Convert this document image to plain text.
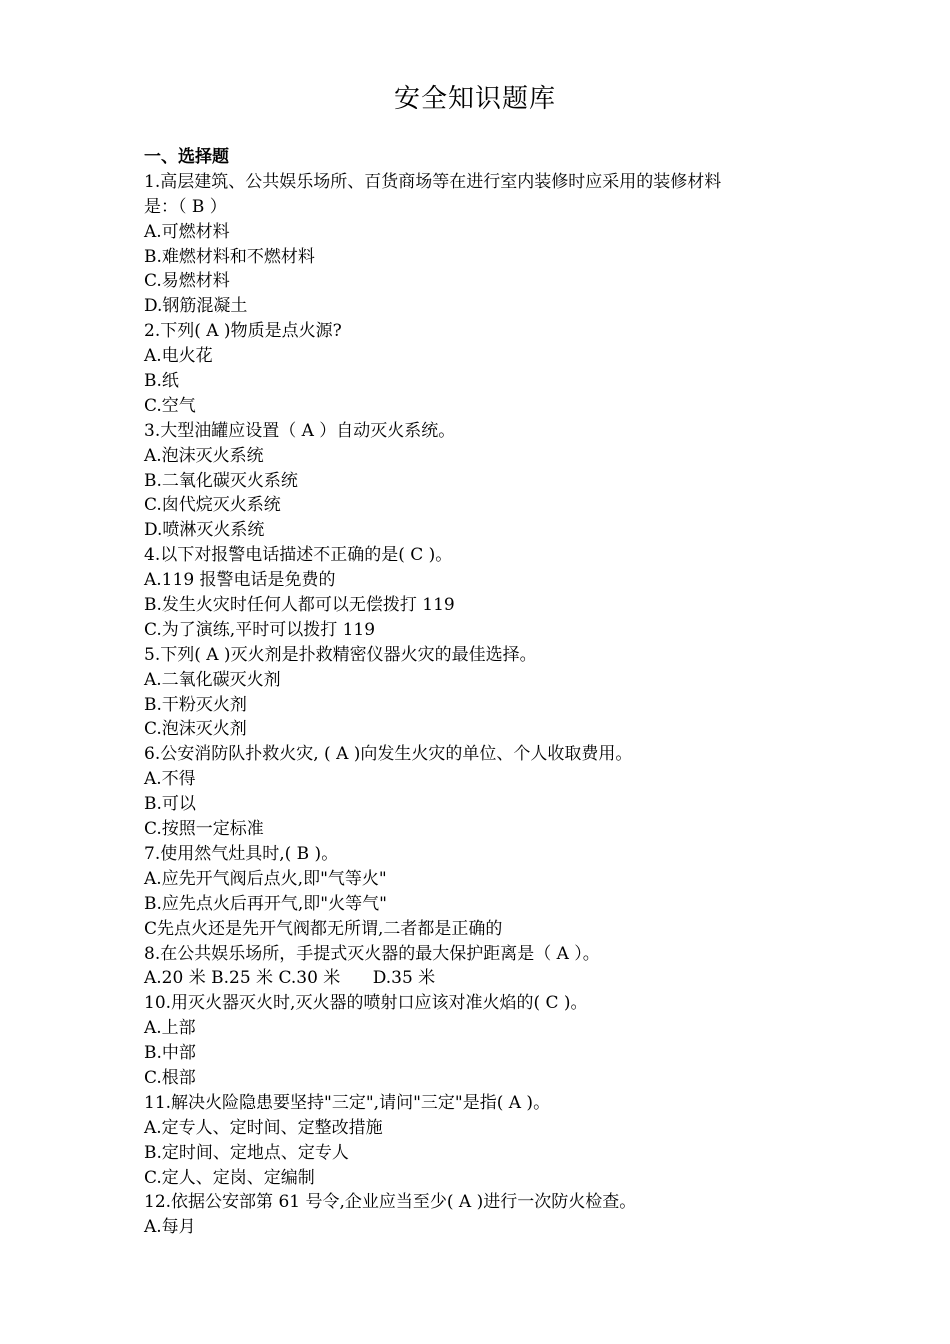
安全知识题库
一、选择题
1.高层建筑、公共娱乐场所、百货商场等在进行室内装修时应采用的装修材料
是：（ B ）
A.可燃材料
B.难燃材料和不燃材料
C.易燃材料
D.钢筋混凝土
2.下列( A )物质是点火源?
A.电火花
B.纸
C.空气
3.大型油罐应设置（ A ）自动灭火系统。
A.泡沫灭火系统
B.二氧化碳灭火系统
C.囱代烷灭火系统
D.喷淋灭火系统
4.以下对报警电话描述不正确的是( C )。
A.119 报警电话是免费的
B.发生火灾时任何人都可以无偿拨打 119
C.为了演练,平时可以拨打 119
5.下列( A )灭火剂是扑救精密仪器火灾的最佳选择。
A.二氧化碳灭火剂
B.干粉灭火剂
C.泡沫灭火剂
6.公安消防队扑救火灾, ( A )向发生火灾的单位、个人收取费用。
A.不得
B.可以
C.按照一定标准
7.使用然气灶具时,( B )。
A.应先开气阀后点火,即"气等火"
B.应先点火后再开气,即"火等气"
C先点火还是先开气阀都无所谓,二者都是正确的
8.在公共娱乐场所，手提式灭火器的最大保护距离是（ A ）。
A.20 米 B.25 米 C.30 米      D.35 米
10.用灭火器灭火时,灭火器的喷射口应该对准火焰的( C )。
A.上部
B.中部
C.根部
11.解决火险隐患要坚持"三定",请问"三定"是指( A )。
A.定专人、定时间、定整改措施
B.定时间、定地点、定专人
C.定人、定岗、定编制
12.依据公安部第 61 号令,企业应当至少( A )进行一次防火检查。
A.每月
